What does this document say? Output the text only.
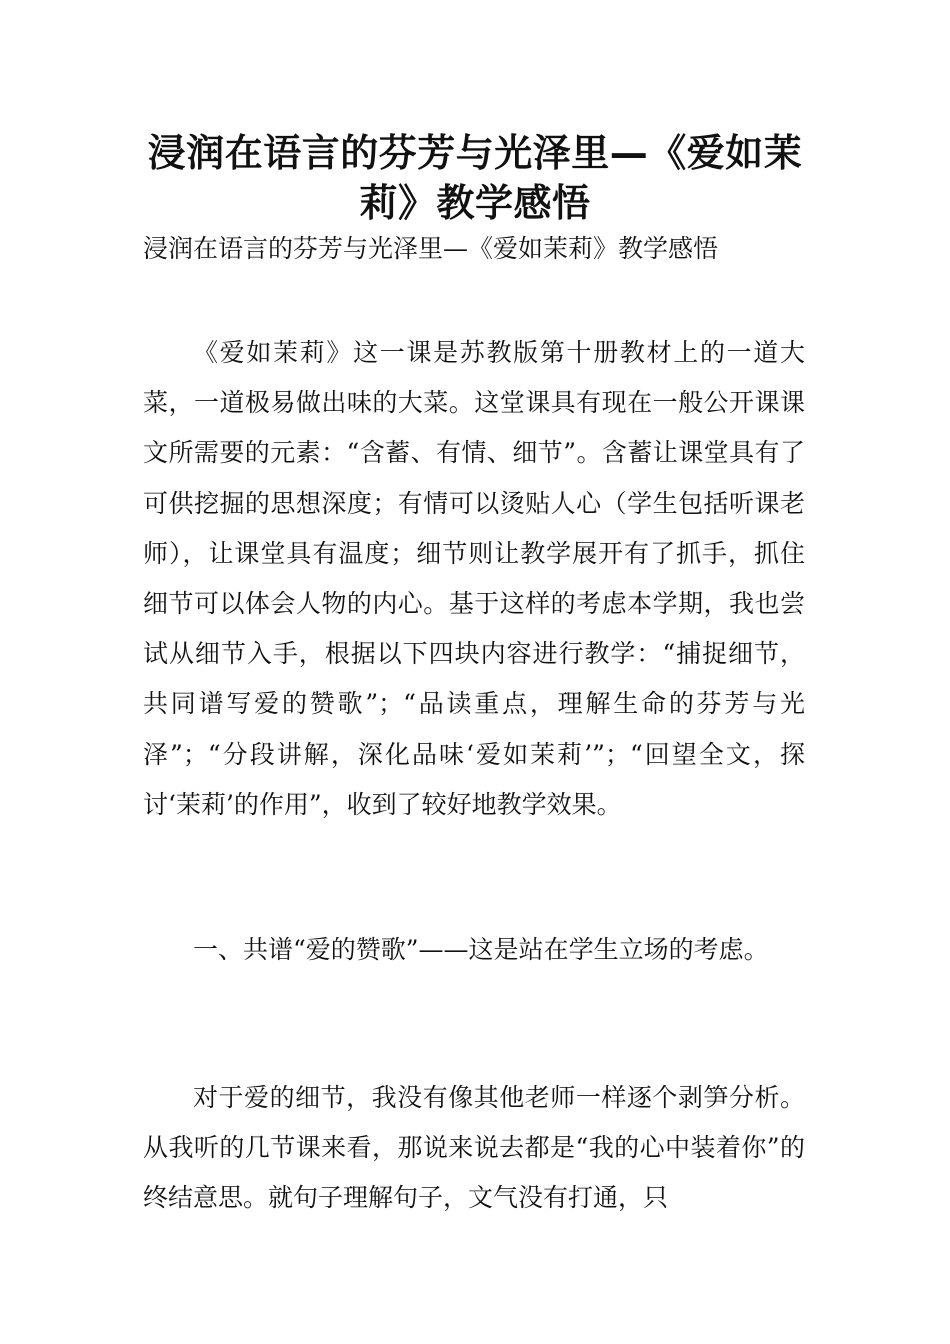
浸润在语言的芬芳与光泽里—《爱如茉莉》教学感悟

浸润在语言的芬芳与光泽里—《爱如茉莉》教学感悟

《爱如茉莉》这一课是苏教版第十册教材上的一道大菜，一道极易做出味的大菜。这堂课具有现在一般公开课课文所需要的元素：“含蓄、有情、细节”。含蓄让课堂具有了可供挖掘的思想深度；有情可以烫贴人心（学生包括听课老师），让课堂具有温度；细节则让教学展开有了抓手，抓住细节可以体会人物的内心。基于这样的考虑本学期，我也尝试从细节入手，根据以下四块内容进行教学：“捕捉细节，共同谱写爱的赞歌”；“品读重点，理解生命的芬芳与光泽”；“分段讲解，深化品味‘爱如茉莉’”；“回望全文，探讨‘茉莉’的作用”，收到了较好地教学效果。

一、共谱“爱的赞歌”——这是站在学生立场的考虑。

对于爱的细节，我没有像其他老师一样逐个剥笋分析。从我听的几节课来看，那说来说去都是“我的心中装着你”的终结意思。就句子理解句子，文气没有打通，只
